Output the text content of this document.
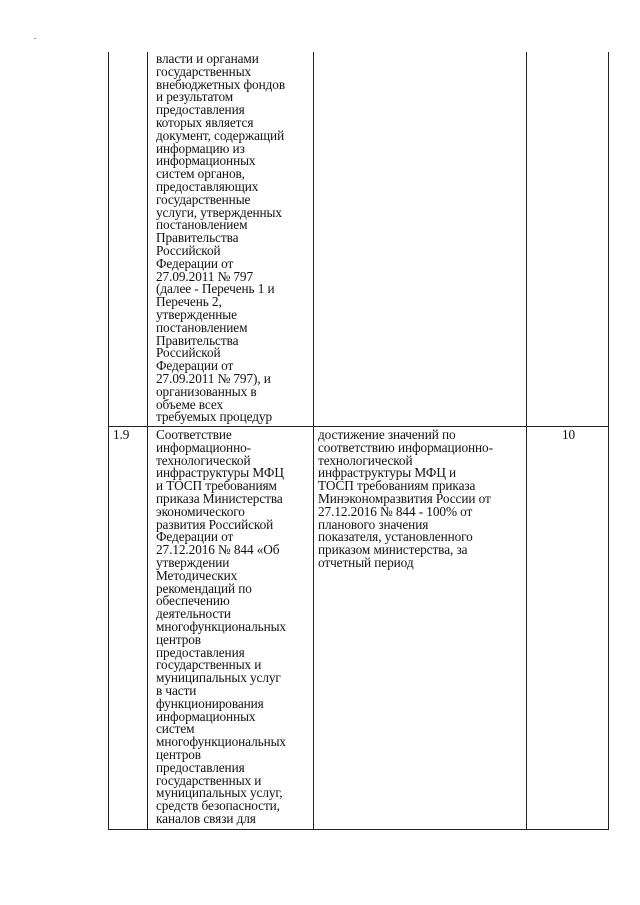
власти и органами
государственных
внебюджетных фондов
и результатом
предоставления
которых является
документ, содержащий
информацию из
информационных
систем органов,
предоставляющих
государственные
услуги, утвержденных
постановлением
Правительства
Российской
Федерации от
27.09.2011 № 797
(далее - Перечень 1 и
Перечень 2,
утвержденные
постановлением
Правительства
Российской
Федерации от
27.09.2011 № 797), и
организованных в
объеме всех
требуемых процедур
1.9	Соответствие
информационно-
технологической
инфраструктуры МФЦ
и ТОСП требованиям
приказа Министерства
экономического
развития Российской
Федерации от
27.12.2016 № 844 «Об
утверждении
Методических
рекомендаций по
обеспечению
деятельности
многофункциональных
центров
предоставления
государственных и
муниципальных услуг
в части
функционирования
информационных
систем
многофункциональных
центров
предоставления
государственных и
муниципальных услуг,
средств безопасности,
каналов связи для
достижение значений по
соответствию информационно-
технологической
инфраструктуры МФЦ и
ТОСП требованиям приказа
Минэкономразвития России от
27.12.2016 № 844 - 100% от
планового значения
показателя, установленного
приказом министерства, за
отчетный период
10
